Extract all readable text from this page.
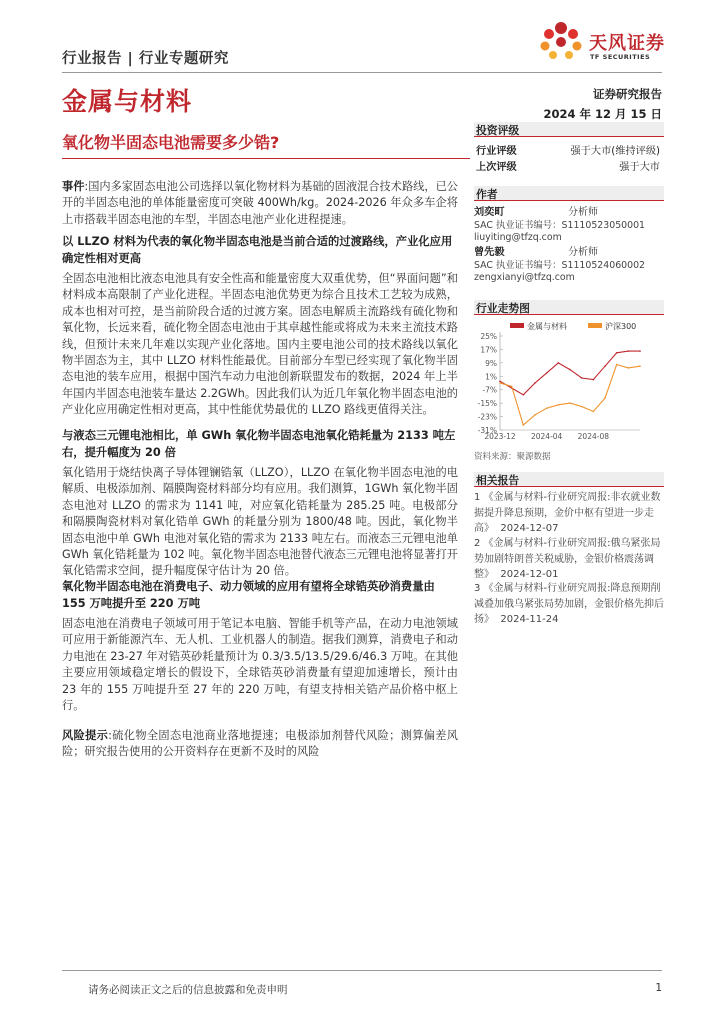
行业报告 | 行业专题研究
天风证券
TF SECURITIES
金属与材料	证券研究报告
2024 年 12 月 15 日
氧化物半固态电池需要多少锆?
事件:国内多家固态电池公司选择以氧化物材料为基础的固液混合技术路线，已公开的半固态电池的单体能量密度可突破 400Wh/kg。2024-2026 年众多车企将上市搭载半固态电池的车型，半固态电池产业化进程提速。
以 LLZO 材料为代表的氧化物半固态电池是当前合适的过渡路线，产业化应用确定性相对更高
全固态电池相比液态电池具有安全性高和能量密度大双重优势，但“界面问题”和材料成本高限制了产业化进程。半固态电池优势更为综合且技术工艺较为成熟，成本也相对可控，是当前阶段合适的过渡方案。固态电解质主流路线有硫化物和氧化物，长远来看，硫化物全固态电池由于其卓越性能或将成为未来主流技术路线，但预计未来几年难以实现产业化落地。国内主要电池公司的技术路线以氧化物半固态为主，其中 LLZO 材料性能最优。目前部分车型已经实现了氧化物半固态电池的装车应用，根据中国汽车动力电池创新联盟发布的数据，2024 年上半年国内半固态电池装车量达 2.2GWh。因此我们认为近几年氧化物半固态电池的产业化应用确定性相对更高，其中性能优势最优的 LLZO 路线更值得关注。
与液态三元锂电池相比，单 GWh 氧化物半固态电池氧化锆耗量为 2133 吨左右，提升幅度为 20 倍
氧化锆用于烧结快离子导体锂镧锆氧（LLZO），LLZO 在氧化物半固态电池的电解质、电极添加剂、隔膜陶瓷材料部分均有应用。我们测算，1GWh 氧化物半固态电池对 LLZO 的需求为 1141 吨，对应氧化锆耗量为 285.25 吨。电极部分和隔膜陶瓷材料对氧化锆单 GWh 的耗量分别为 1800/48 吨。因此，氧化物半固态电池中单 GWh 电池对氧化锆的需求为 2133 吨左右。而液态三元锂电池单 GWh 氧化锆耗量为 102 吨。氧化物半固态电池替代液态三元锂电池将显著打开氧化锆需求空间，提升幅度保守估计为 20 倍。
氧化物半固态电池在消费电子、动力领域的应用有望将全球锆英砂消费量由 155 万吨提升至 220 万吨
固态电池在消费电子领域可用于笔记本电脑、智能手机等产品，在动力电池领域可应用于新能源汽车、无人机、工业机器人的制造。据我们测算，消费电子和动力电池在 23-27 年对锆英砂耗量预计为 0.3/3.5/13.5/29.6/46.3 万吨。在其他主要应用领域稳定增长的假设下，全球锆英砂消费量有望迎加速增长，预计由 23 年的 155 万吨提升至 27 年的 220 万吨，有望支持相关锆产品价格中枢上行。
风险提示:硫化物全固态电池商业落地提速；电极添加剂替代风险；测算偏差风险；研究报告使用的公开资料存在更新不及时的风险
投资评级
行业评级	强于大市(维持评级)
上次评级	强于大市
作者
刘奕町	分析师
SAC 执业证书编号：S1110523050001
liuyiting@tfzq.com
曾先毅	分析师
SAC 执业证书编号：S1110524060002
zengxianyi@tfzq.com
行业走势图
金属与材料	沪深300
25%
17%
9%
1%
-7%
-15%
-23%
-31%
2023-12 2024-04 2024-08
资料来源：聚源数据
相关报告
1 《金属与材料-行业研究周报:非农就业数据提升降息预期，金价中枢有望进一步走高》 2024-12-07
2 《金属与材料-行业研究周报:俄乌紧张局势加剧特朗普关税威胁，金银价格震荡调整》 2024-12-01
3 《金属与材料-行业研究周报:降息预期削减叠加俄乌紧张局势加剧，金银价格先抑后扬》 2024-11-24
请务必阅读正文之后的信息披露和免责申明	1
